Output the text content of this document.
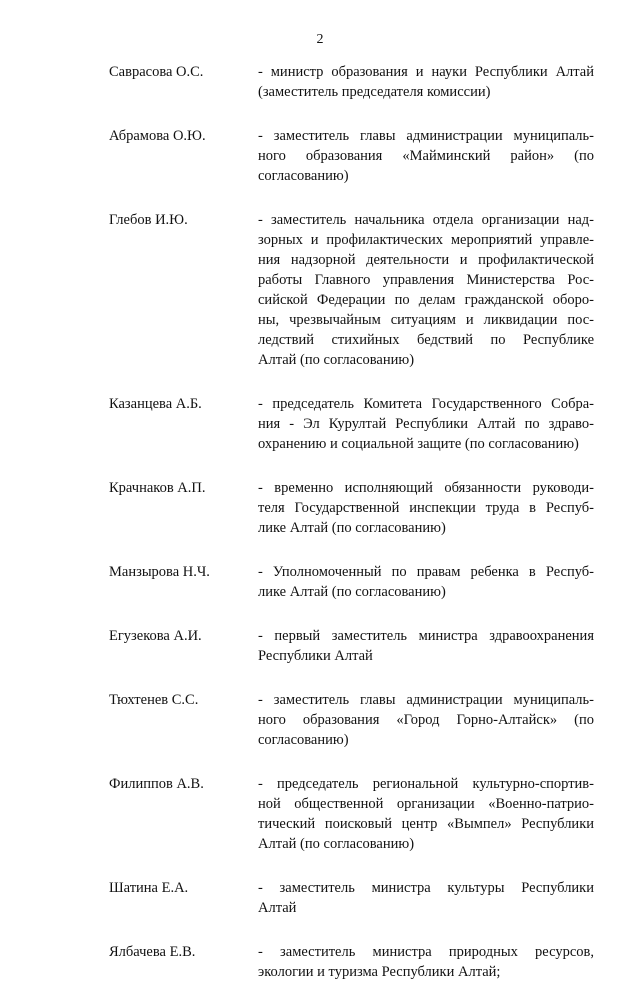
2
Саврасова О.С.	- министр образования и науки Республики Алтай
(заместитель председателя комиссии)
Абрамова О.Ю.	- заместитель главы администрации муниципаль-
ного образования «Майминский район» (по
согласованию)
Глебов И.Ю.	- заместитель начальника отдела организации над-
зорных и профилактических мероприятий управле-
ния надзорной деятельности и профилактической
работы Главного управления Министерства Рос-
сийской Федерации по делам гражданской оборо-
ны, чрезвычайным ситуациям и ликвидации пос-
ледствий стихийных бедствий по Республике
Алтай (по согласованию)
Казанцева А.Б.	- председатель Комитета Государственного Собра-
ния - Эл Курултай Республики Алтай по здраво-
охранению и социальной защите (по согласованию)
Крачнаков А.П.	- временно исполняющий обязанности руководи-
теля Государственной инспекции труда в Респуб-
лике Алтай (по согласованию)
Манзырова Н.Ч.	- Уполномоченный по правам ребенка в Респуб-
лике Алтай (по согласованию)
Егузекова А.И.	- первый заместитель министра здравоохранения
Республики Алтай
Тюхтенев С.С.	- заместитель главы администрации муниципаль-
ного образования «Город Горно-Алтайск» (по
согласованию)
Филиппов А.В.	- председатель региональной культурно-спортив-
ной общественной организации «Военно-патрио-
тический поисковый центр «Вымпел» Республики
Алтай (по согласованию)
Шатина Е.А.	- заместитель министра культуры Республики
Алтай
Ялбачева Е.В.	- заместитель министра природных ресурсов,
экологии и туризма Республики Алтай;
